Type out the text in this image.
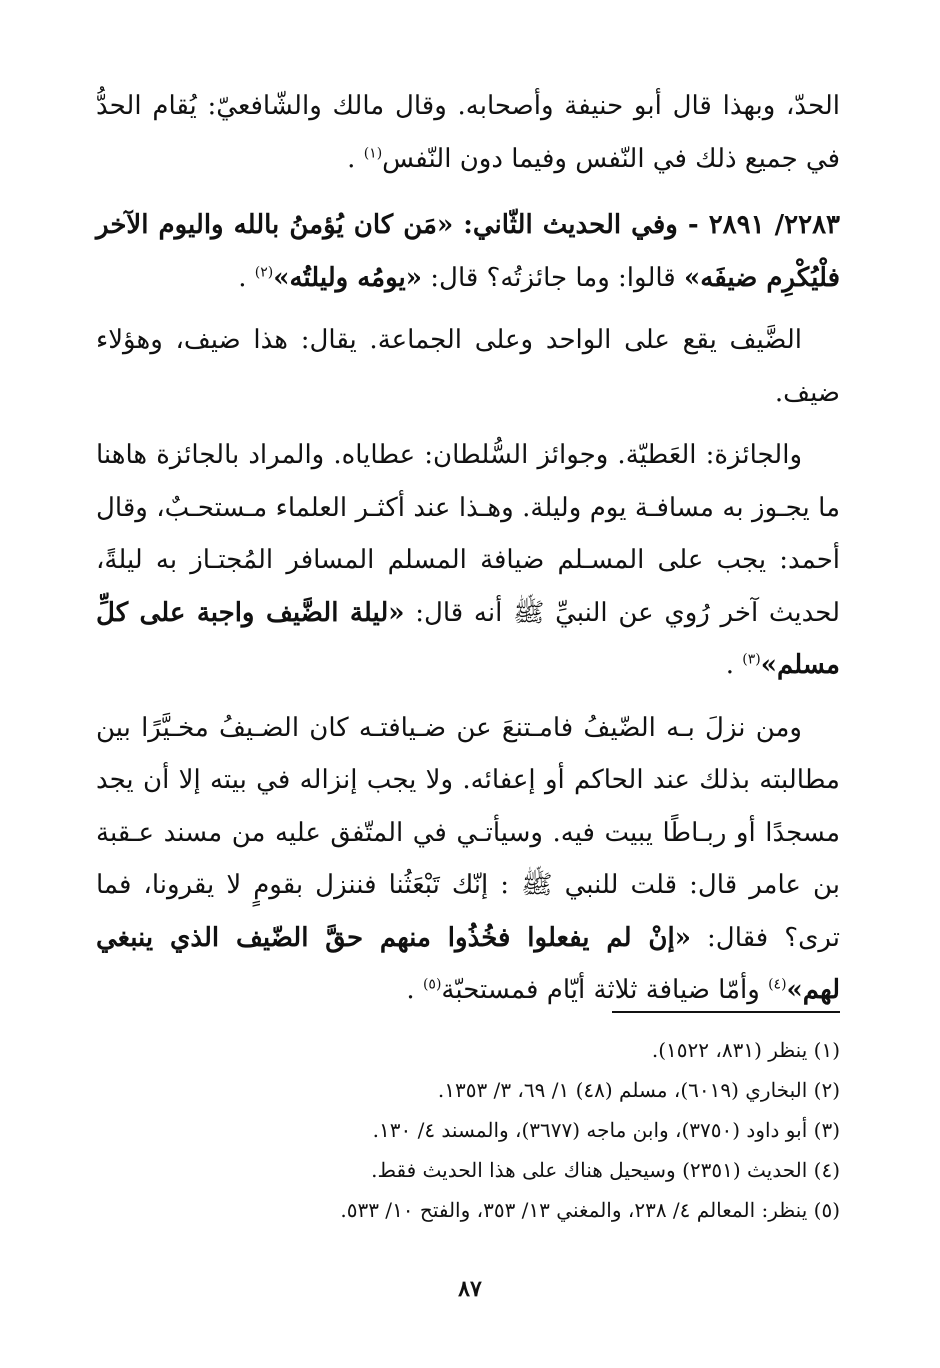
الحدّ، وبهذا قال أبو حنيفة وأصحابه. وقال مالك والشّافعيّ: يُقام الحدُّ في جميع ذلك في النّفس وفيما دون النّفس$^{(١)}$ .

٢٢٨٣/ ٢٨٩١ - وفي الحديث الثّاني: «مَن كان يُؤمنُ بالله واليوم الآخر فلْيُكْرِم ضيفَه» قالوا: وما جائزتُه؟ قال: «يومُه وليلتُه»$^{(٢)}$ .

الضَّيف يقع على الواحد وعلى الجماعة. يقال: هذا ضيف، وهؤلاء ضيف.

والجائزة: العَطيّة. وجوائز السُّلطان: عطاياه. والمراد بالجائزة هاهنا ما يجـوز به مسافـة يوم وليلة. وهـذا عند أكثـر العلماء مـستحـبٌ، وقال أحمد: يجب على المسـلم ضيافة المسلم المسافر المُجتـاز به ليلةً، لحديث آخر رُوي عن النبيِّ ﷺ أنه قال: «ليلة الضَّيف واجبة على كلِّ مسلم»$^{(٣)}$ .

ومن نزلَ بـه الضّيفُ فامـتنعَ عن ضـيافتـه كان الضـيفُ مخـيَّرًا بين مطالبته بذلك عند الحاكم أو إعفائه. ولا يجب إنزاله في بيته إلا أن يجد مسجدًا أو ربـاطًا يبيت فيه. وسيأتـي في المتّفق عليه من مسند عـقبة بن عامر قال: قلت للنبي ﷺ : إنّك تَبْعَثُنا فننزل بقومٍ لا يقرونا، فما ترى؟ فقال: «إنْ لم يفعلوا فخُذُوا منهم حقَّ الضّيف الذي ينبغي لهم»$^{(٤)}$ وأمّا ضيافة ثلاثة أيّام فمستحبّة$^{(٥)}$ .

(١) ينظر (٨٣١، ١٥٢٢).

(٢) البخاري (٦٠١٩)، مسلم (٤٨) ١/ ٦٩، ٣/ ١٣٥٣.

(٣) أبو داود (٣٧٥٠)، وابن ماجه (٣٦٧٧)، والمسند ٤/ ١٣٠.

(٤) الحديث (٢٣٥١) وسيحيل هناك على هذا الحديث فقط.

(٥) ينظر: المعالم ٤/ ٢٣٨، والمغني ١٣/ ٣٥٣، والفتح ١٠/ ٥٣٣.

٨٧
